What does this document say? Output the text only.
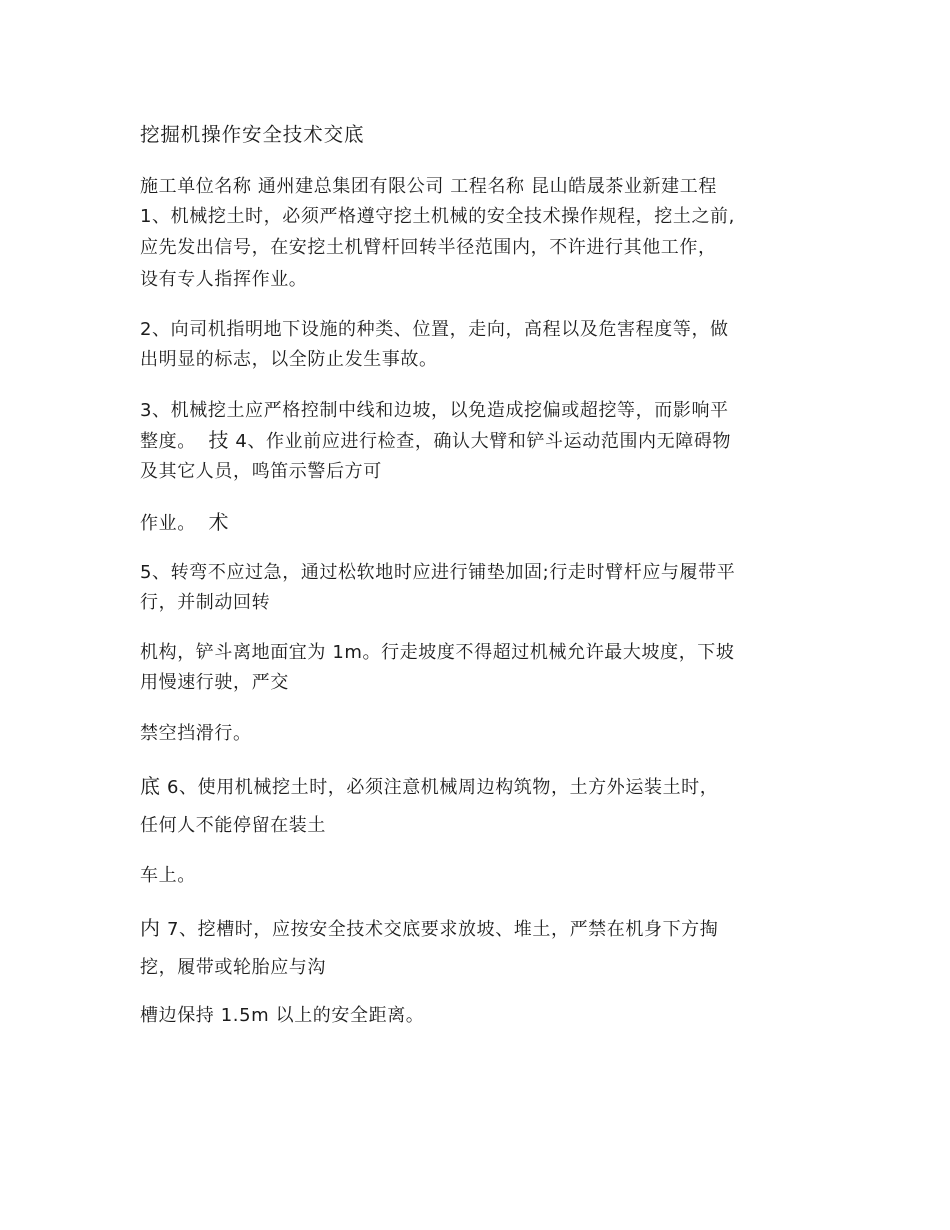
挖掘机操作安全技术交底
施工单位名称 通州建总集团有限公司 工程名称 昆山皓晟茶业新建工程
1、机械挖土时，必须严格遵守挖土机械的安全技术操作规程，挖土之前,
应先发出信号，在安挖土机臂杆回转半径范围内，不许进行其他工作，
设有专人指挥作业。
2、向司机指明地下设施的种类、位置，走向，高程以及危害程度等，做
出明显的标志，以全防止发生事故。
3、机械挖土应严格控制中线和边坡，以免造成挖偏或超挖等，而影响平
整度。 技 4、作业前应进行检查，确认大臂和铲斗运动范围内无障碍物
及其它人员，鸣笛示警后方可
作业。 术
5、转弯不应过急，通过松软地时应进行铺垫加固;行走时臂杆应与履带平
行，并制动回转
机构，铲斗离地面宜为 1m。行走坡度不得超过机械允许最大坡度，下坡
用慢速行驶，严交
禁空挡滑行。
底 6、使用机械挖土时，必须注意机械周边构筑物，土方外运装土时，
任何人不能停留在装土
车上。
内 7、挖槽时，应按安全技术交底要求放坡、堆土，严禁在机身下方掏
挖，履带或轮胎应与沟
槽边保持 1.5m 以上的安全距离。
